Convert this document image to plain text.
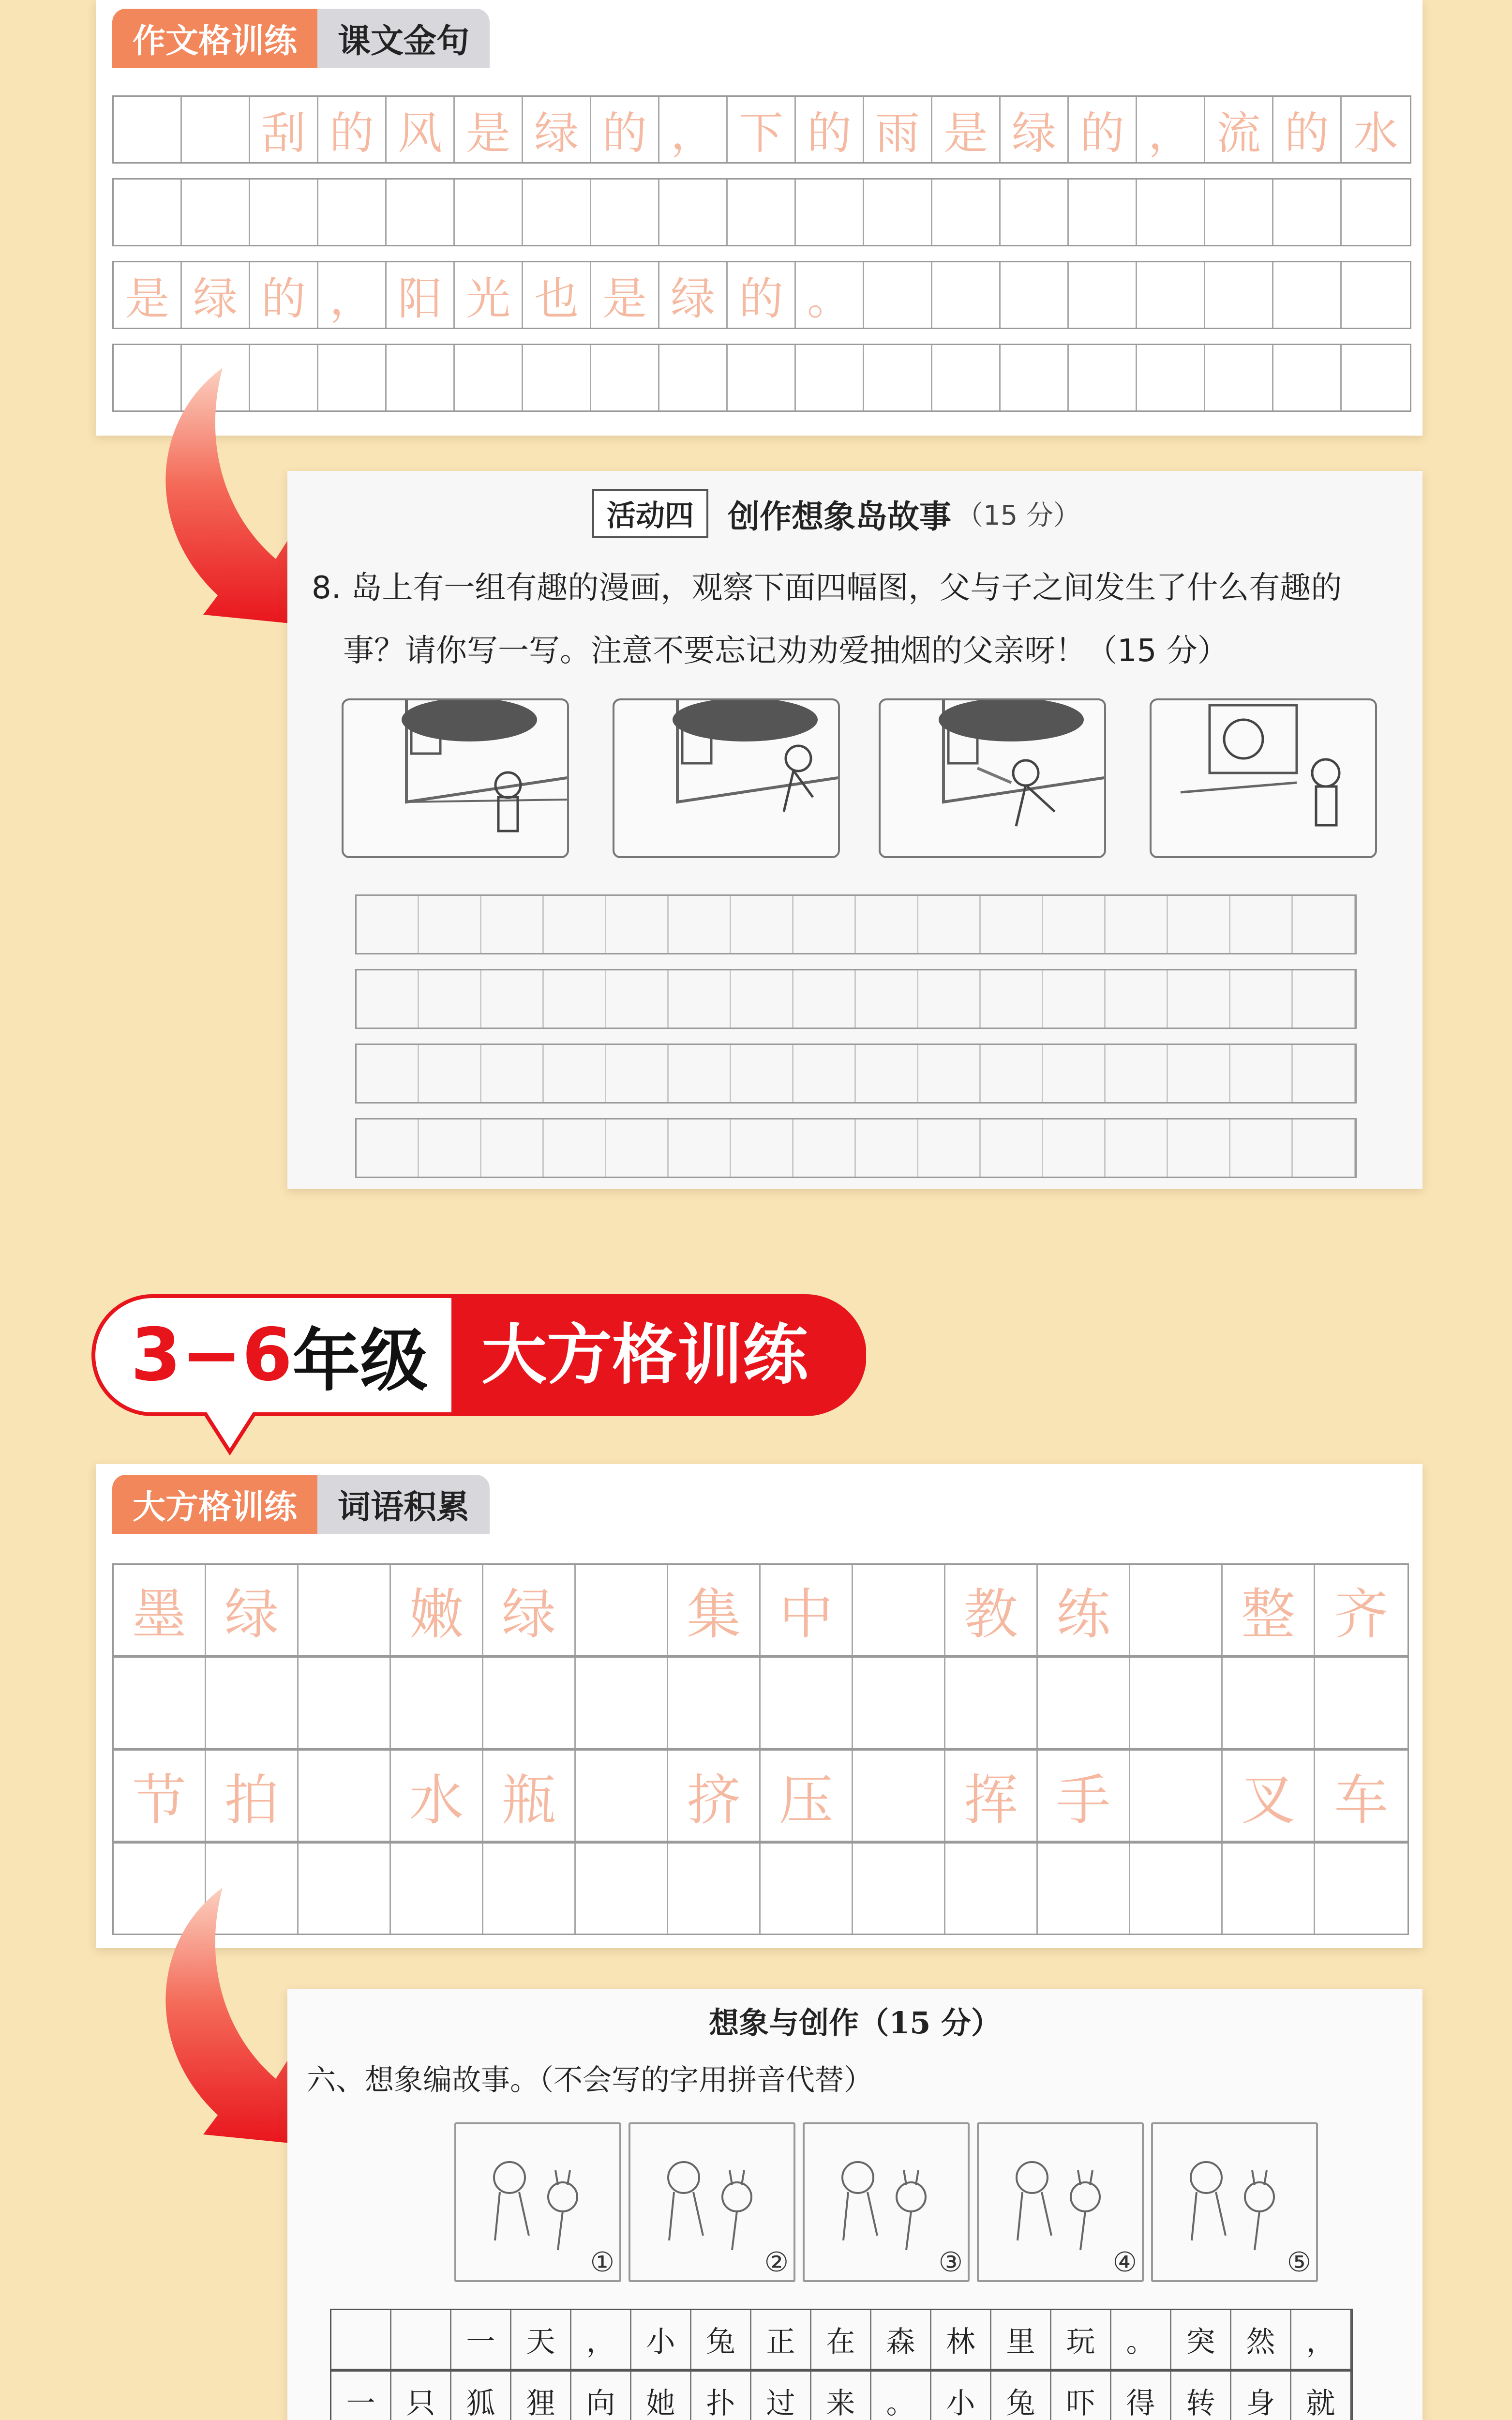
作文格训练	课文金句
刮 的 风 是 绿 的 ， 下 的 雨 是 绿 的 ， 流 的 水
是 绿 的 ， 阳 光 也 是 绿 的 。
活动四	创作想象岛故事 （15 分）
8. 岛上有一组有趣的漫画，观察下面四幅图，父与子之间发生了什么有趣的
事？请你写一写。注意不要忘记劝劝爱抽烟的父亲呀！（15 分）
3−6 年级 大方格训练
大方格训练	词语积累
墨 绿	嫩 绿	集 中	教 练	整 齐
节 拍	水 瓶	挤 压	挥 手	叉 车
想象与创作（15 分）
六、想象编故事。（不会写的字用拼音代替）
①	②	③	④	⑤
一	天	，	小	兔	正	在	森	林	里	玩	。	突	然	，
一	只	狐	狸	向	她	扑	过	来	。	小	兔	吓	得	转	身	就
